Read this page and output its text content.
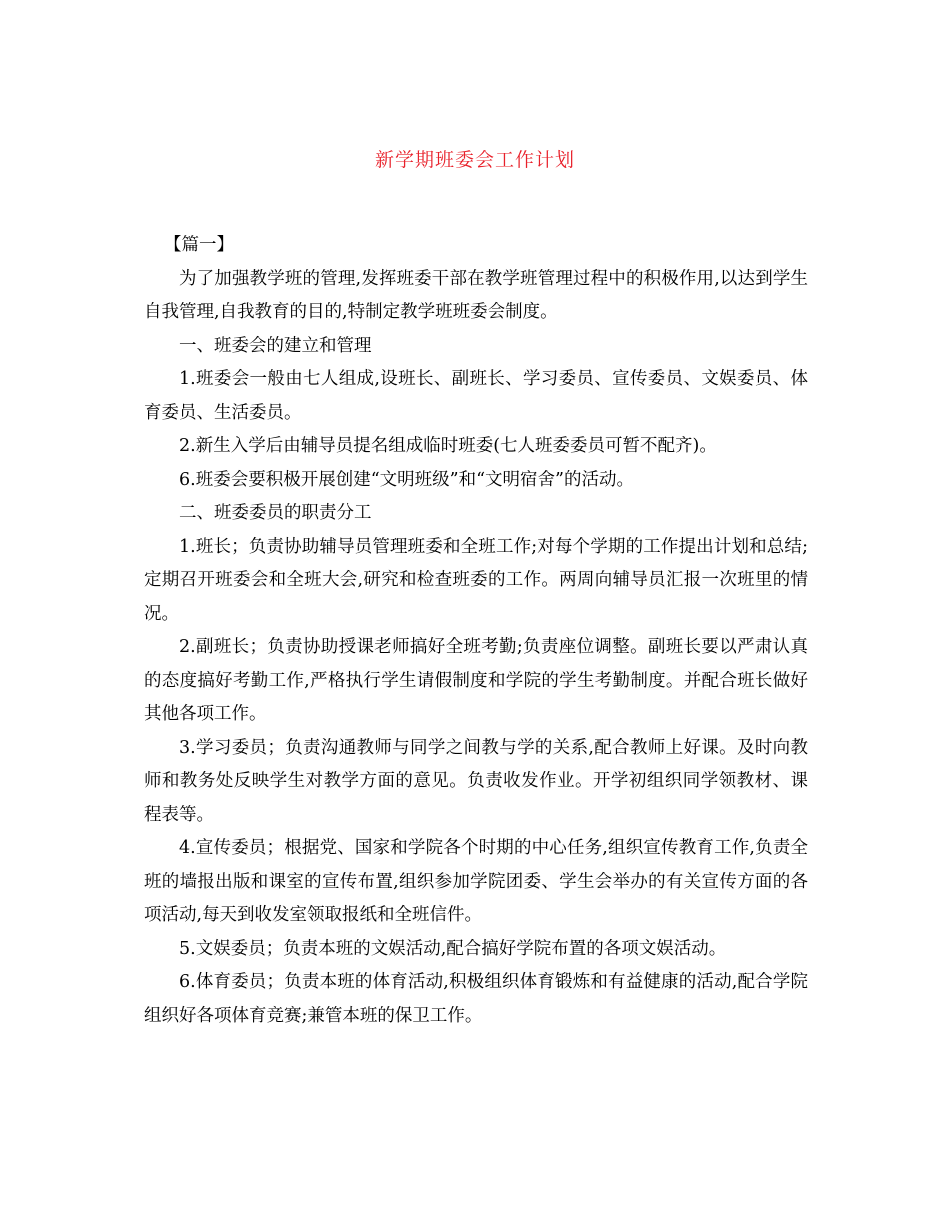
新学期班委会工作计划

【篇一】

为了加强教学班的管理,发挥班委干部在教学班管理过程中的积极作用,以达到学生自我管理,自我教育的目的,特制定教学班班委会制度。

一、班委会的建立和管理

1.班委会一般由七人组成,设班长、副班长、学习委员、宣传委员、文娱委员、体育委员、生活委员。

2.新生入学后由辅导员提名组成临时班委(七人班委委员可暂不配齐)。

6.班委会要积极开展创建“文明班级”和“文明宿舍”的活动。

二、班委委员的职责分工

1.班长；负责协助辅导员管理班委和全班工作;对每个学期的工作提出计划和总结;定期召开班委会和全班大会,研究和检查班委的工作。两周向辅导员汇报一次班里的情况。

2.副班长；负责协助授课老师搞好全班考勤;负责座位调整。副班长要以严肃认真的态度搞好考勤工作,严格执行学生请假制度和学院的学生考勤制度。并配合班长做好其他各项工作。

3.学习委员；负责沟通教师与同学之间教与学的关系,配合教师上好课。及时向教师和教务处反映学生对教学方面的意见。负责收发作业。开学初组织同学领教材、课程表等。

4.宣传委员；根据党、国家和学院各个时期的中心任务,组织宣传教育工作,负责全班的墙报出版和课室的宣传布置,组织参加学院团委、学生会举办的有关宣传方面的各项活动,每天到收发室领取报纸和全班信件。

5.文娱委员；负责本班的文娱活动,配合搞好学院布置的各项文娱活动。

6.体育委员；负责本班的体育活动,积极组织体育锻炼和有益健康的活动,配合学院组织好各项体育竞赛;兼管本班的保卫工作。
